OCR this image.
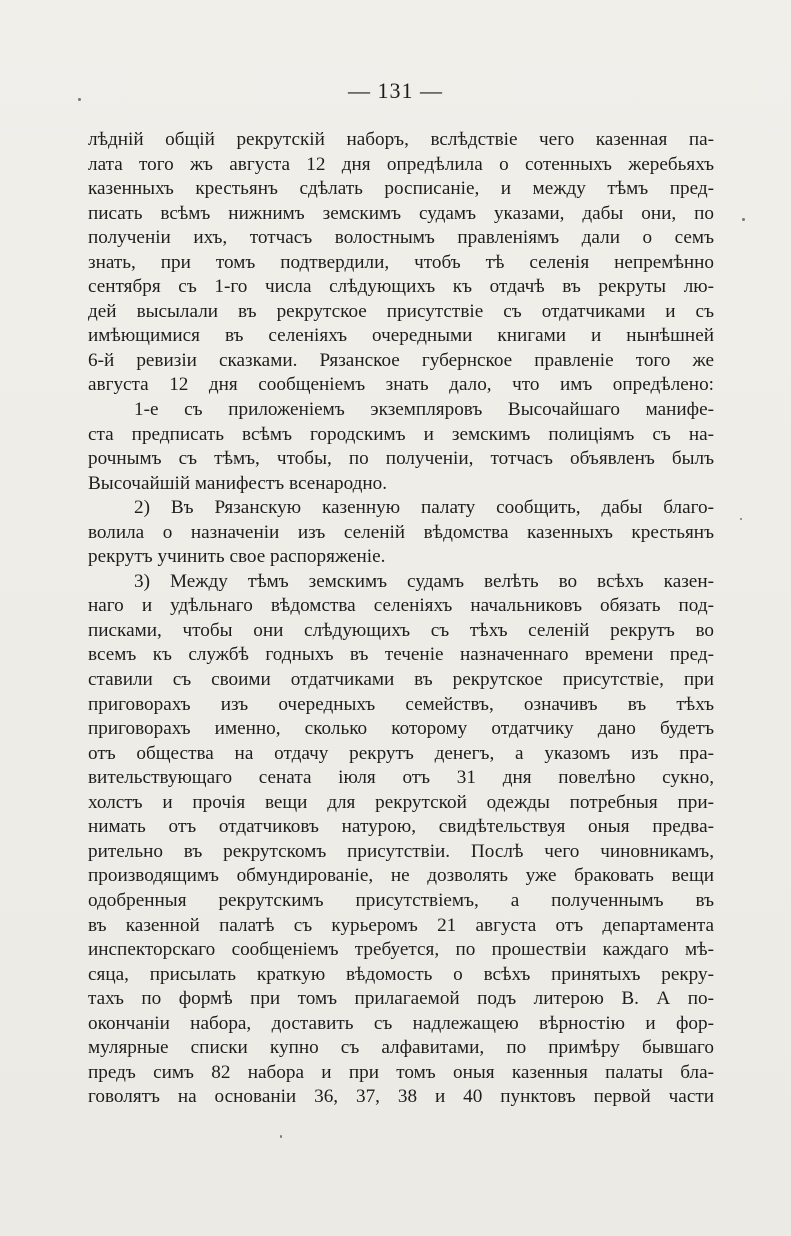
— 131 —
лѣдній общій рекрутскій наборъ, вслѣдствіе чего казенная па-
лата того жъ августа 12 дня опредѣлила о сотенныхъ жеребьяхъ
казенныхъ крестьянъ сдѣлать росписаніе, и между тѣмъ пред-
писать всѣмъ нижнимъ земскимъ судамъ указами, дабы они, по
полученіи ихъ, тотчасъ волостнымъ правленіямъ дали о семъ
знать, при томъ подтвердили, чтобъ тѣ селенія непремѣнно
сентября съ 1-го числа слѣдующихъ къ отдачѣ въ рекруты лю-
дей высылали въ рекрутское присутствіе съ отдатчиками и съ
имѣющимися въ селеніяхъ очередными книгами и нынѣшней
6-й ревизіи сказками. Рязанское губернское правленіе того же
августа 12 дня сообщеніемъ знать дало, что имъ опредѣлено:
1-е съ приложеніемъ экземпляровъ Высочайшаго манифе-
ста предписать всѣмъ городскимъ и земскимъ полиціямъ съ на-
рочнымъ съ тѣмъ, чтобы, по полученіи, тотчасъ объявленъ былъ
Высочайшій манифестъ всенародно.
2) Въ Рязанскую казенную палату сообщить, дабы благо-
волила о назначеніи изъ селеній вѣдомства казенныхъ крестьянъ
рекрутъ учинить свое распоряженіе.
3) Между тѣмъ земскимъ судамъ велѣть во всѣхъ казен-
наго и удѣльнаго вѣдомства селеніяхъ начальниковъ обязать под-
писками, чтобы они слѣдующихъ съ тѣхъ селеній рекрутъ во
всемъ къ службѣ годныхъ въ теченіе назначеннаго времени пред-
ставили съ своими отдатчиками въ рекрутское присутствіе, при
приговорахъ изъ очередныхъ семействъ, означивъ въ тѣхъ
приговорахъ именно, сколько которому отдатчику дано будетъ
отъ общества на отдачу рекрутъ денегъ, а указомъ изъ пра-
вительствующаго сената іюля отъ 31 дня повелѣно сукно,
холстъ и прочія вещи для рекрутской одежды потребныя при-
нимать отъ отдатчиковъ натурою, свидѣтельствуя оныя предва-
рительно въ рекрутскомъ присутствіи. Послѣ чего чиновникамъ,
производящимъ обмундированіе, не дозволять уже браковать вещи
одобренныя рекрутскимъ присутствіемъ, а полученнымъ въ
въ казенной палатѣ съ курьеромъ 21 августа отъ департамента
инспекторскаго сообщеніемъ требуется, по прошествіи каждаго мѣ-
сяца, присылать краткую вѣдомость о всѣхъ принятыхъ рекру-
тахъ по формѣ при томъ прилагаемой подъ литерою В. А по-
окончаніи набора, доставить съ надлежащею вѣрностію и фор-
мулярные списки купно съ алфавитами, по примѣру бывшаго
предъ симъ 82 набора и при томъ оныя казенныя палаты бла-
говолятъ на основаніи 36, 37, 38 и 40 пунктовъ первой части
